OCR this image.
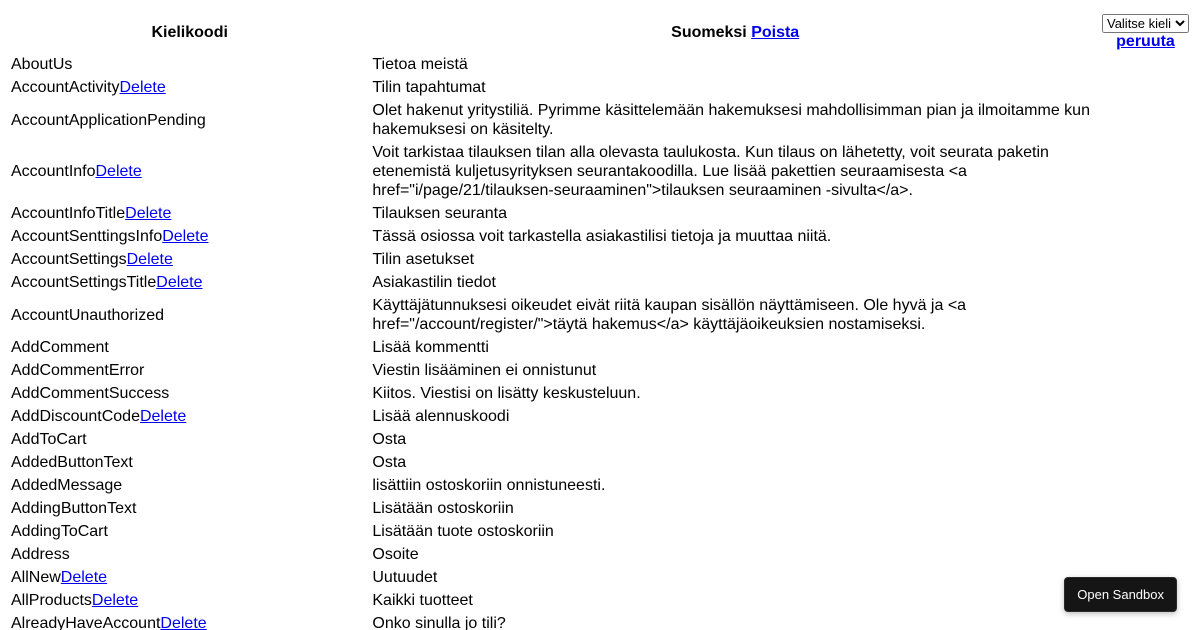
Kielikoodi	Suomeksi Poista	
Valitse kieli
peruuta

AboutUs	Tietoa meistä	
AccountActivityDelete	Tilin tapahtumat	
AccountApplicationPending	Olet hakenut yritystiliä. Pyrimme käsittelemään hakemuksesi mahdollisimman pian ja ilmoitamme kun hakemuksesi on käsitelty.	
AccountInfoDelete	Voit tarkistaa tilauksen tilan alla olevasta taulukosta. Kun tilaus on lähetetty, voit seurata paketin etenemistä kuljetusyrityksen seurantakoodilla. Lue lisää pakettien seuraamisesta <a href="i/page/21/tilauksen-seuraaminen">tilauksen seuraaminen -sivulta</a>.	
AccountInfoTitleDelete	Tilauksen seuranta	
AccountSenttingsInfoDelete	Tässä osiossa voit tarkastella asiakastilisi tietoja ja muuttaa niitä.	
AccountSettingsDelete	Tilin asetukset	
AccountSettingsTitleDelete	Asiakastilin tiedot	
AccountUnauthorized	Käyttäjätunnuksesi oikeudet eivät riitä kaupan sisällön näyttämiseen. Ole hyvä ja <a href="/account/register/">täytä hakemus</a> käyttäjäoikeuksien nostamiseksi.	
AddComment	Lisää kommentti	
AddCommentError	Viestin lisääminen ei onnistunut	
AddCommentSuccess	Kiitos. Viestisi on lisätty keskusteluun.	
AddDiscountCodeDelete	Lisää alennuskoodi	
AddToCart	Osta	
AddedButtonText	Osta	
AddedMessage	lisättiin ostoskoriin onnistuneesti.	
AddingButtonText	Lisätään ostoskoriin	
AddingToCart	Lisätään tuote ostoskoriin	
Address	Osoite	
AllNewDelete	Uutuudet	
AllProductsDelete	Kaikki tuotteet	
AlreadyHaveAccountDelete	Onko sinulla jo tili?	
Open Sandbox
